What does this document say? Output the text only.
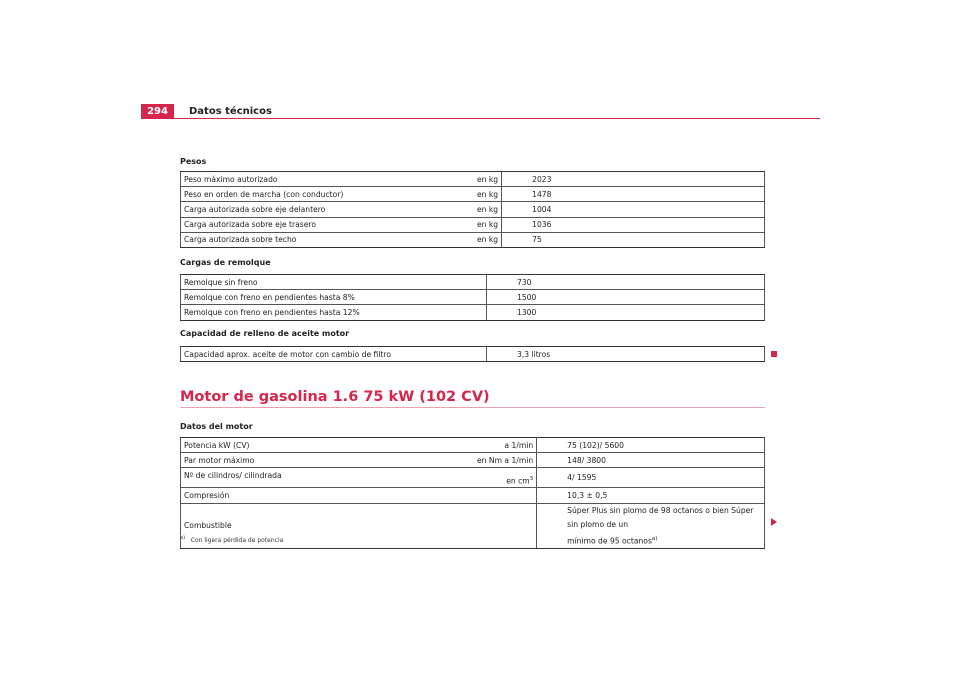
294	Datos técnicos
Pesos
Peso máximo autorizado	en kg	2023
Peso en orden de marcha (con conductor)	en kg	1478
Carga autorizada sobre eje delantero	en kg	1004
Carga autorizada sobre eje trasero	en kg	1036
Carga autorizada sobre techo	en kg	75
Cargas de remolque
Remolque sin freno		730
Remolque con freno en pendientes hasta 8%		1500
Remolque con freno en pendientes hasta 12%		1300
Capacidad de relleno de aceite motor
Capacidad aprox. aceite de motor con cambio de filtro		3,3 litros
Motor de gasolina 1.6 75 kW (102 CV)
Datos del motor
Potencia kW (CV)	a 1/min	75 (102)/ 5600
Par motor máximo	en Nm a 1/min	148/ 3800
Nº de cilindros/ cilindrada	en $cm^3$	4/ 1595
Compresión		10,3 ± 0,5
Combustible		Súper Plus sin plomo de 98 octanos o bien Súper sin plomo de un
mínimo de 95 octanos$^{a)}$
$^{a)}$ Con ligera pérdida de potencia
